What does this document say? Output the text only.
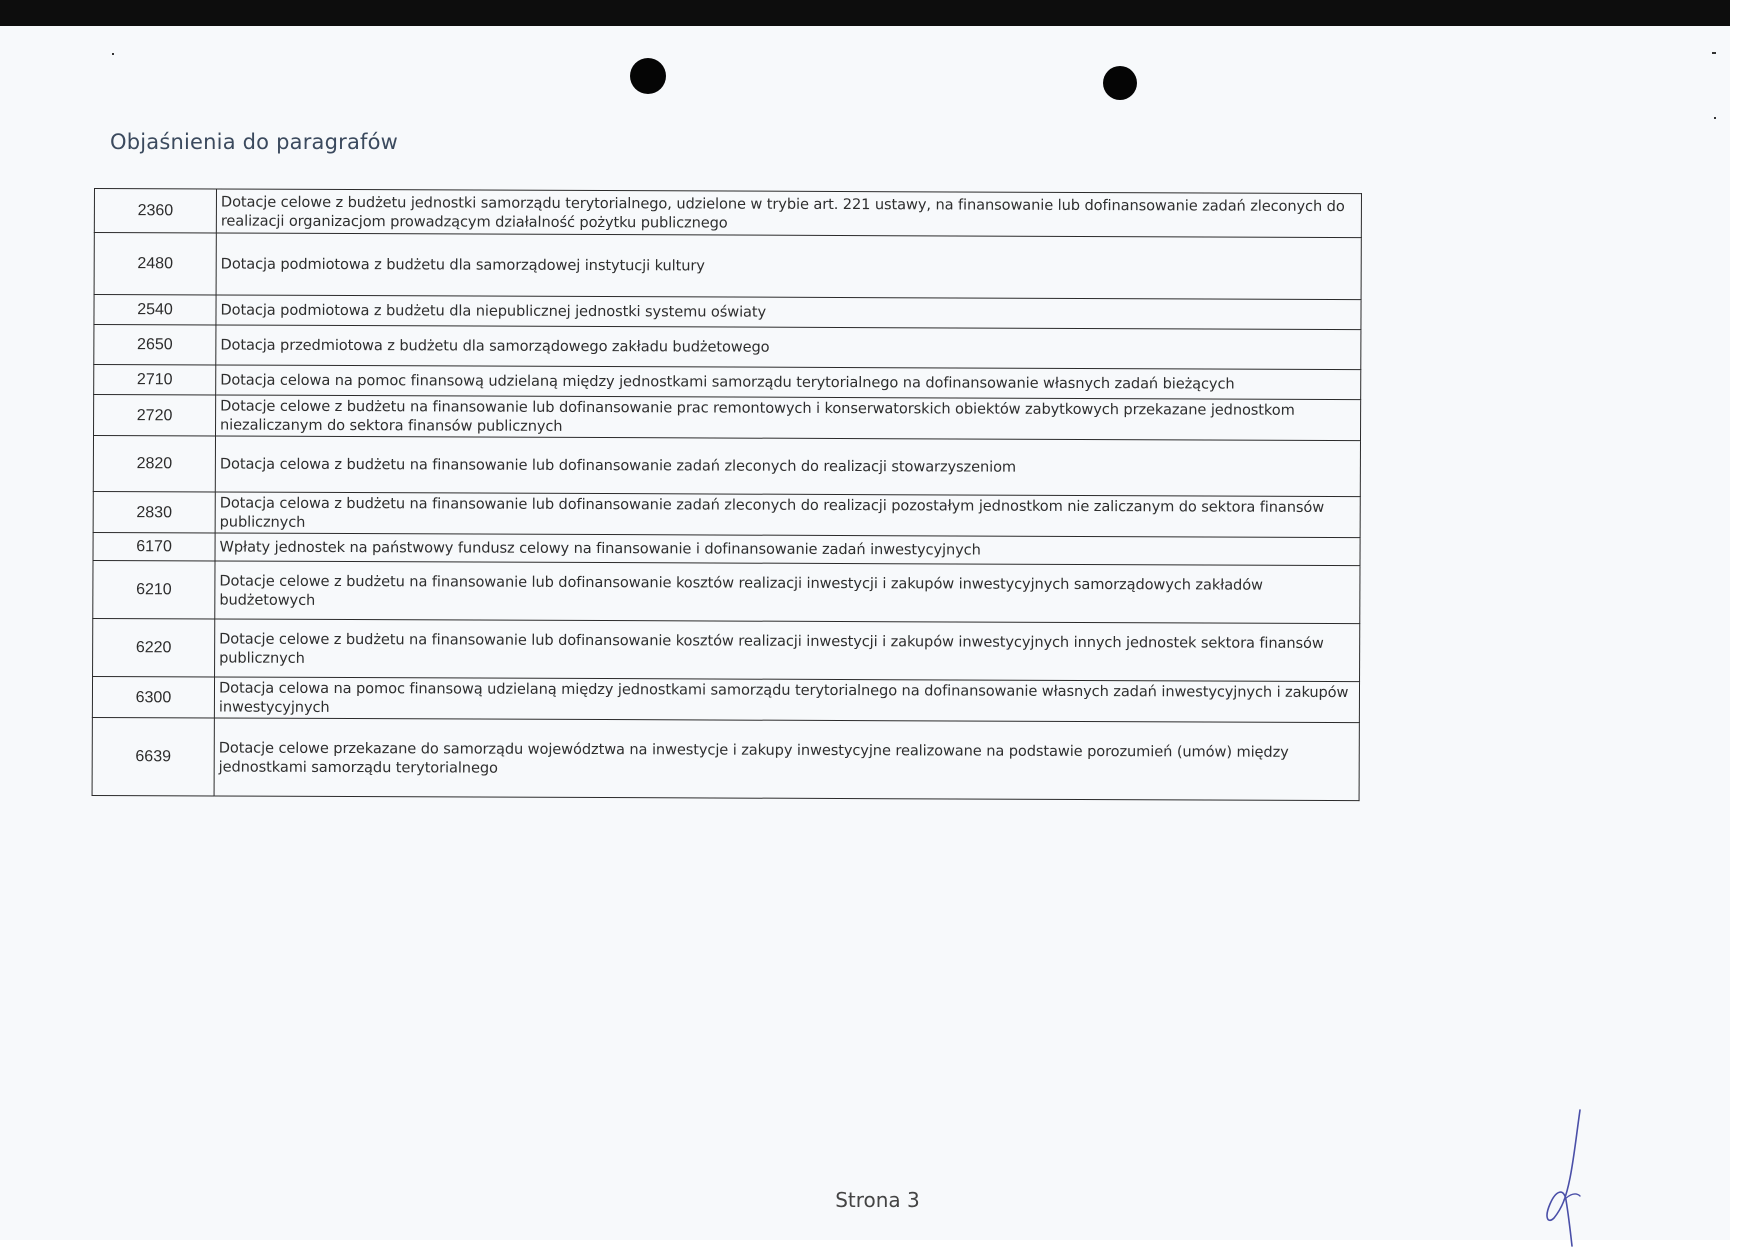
Objaśnienia do paragrafów
2360	Dotacje celowe z budżetu jednostki samorządu terytorialnego, udzielone w trybie art. 221 ustawy, na finansowanie lub dofinansowanie zadań zleconych do realizacji organizacjom prowadzącym działalność pożytku publicznego
2480	Dotacja podmiotowa z budżetu dla samorządowej instytucji kultury
2540	Dotacja podmiotowa z budżetu dla niepublicznej jednostki systemu oświaty
2650	Dotacja przedmiotowa z budżetu dla samorządowego zakładu budżetowego
2710	Dotacja celowa na pomoc finansową udzielaną między jednostkami samorządu terytorialnego na dofinansowanie własnych zadań bieżących
2720	Dotacje celowe z budżetu na finansowanie lub dofinansowanie prac remontowych i konserwatorskich obiektów zabytkowych przekazane jednostkom niezaliczanym do sektora finansów publicznych
2820	Dotacja celowa z budżetu na finansowanie lub dofinansowanie zadań zleconych do realizacji stowarzyszeniom
2830	Dotacja celowa z budżetu na finansowanie lub dofinansowanie zadań zleconych do realizacji pozostałym jednostkom nie zaliczanym do sektora finansów publicznych
6170	Wpłaty jednostek na państwowy fundusz celowy na finansowanie i dofinansowanie zadań inwestycyjnych
6210	Dotacje celowe z budżetu na finansowanie lub dofinansowanie kosztów realizacji inwestycji i zakupów inwestycyjnych samorządowych zakładów budżetowych
6220	Dotacje celowe z budżetu na finansowanie lub dofinansowanie kosztów realizacji inwestycji i zakupów inwestycyjnych innych jednostek sektora finansów publicznych
6300	Dotacja celowa na pomoc finansową udzielaną między jednostkami samorządu terytorialnego na dofinansowanie własnych zadań inwestycyjnych i zakupów inwestycyjnych
6639	Dotacje celowe przekazane do samorządu województwa na inwestycje i zakupy inwestycyjne realizowane na podstawie porozumień (umów) między jednostkami samorządu terytorialnego
Strona 3
